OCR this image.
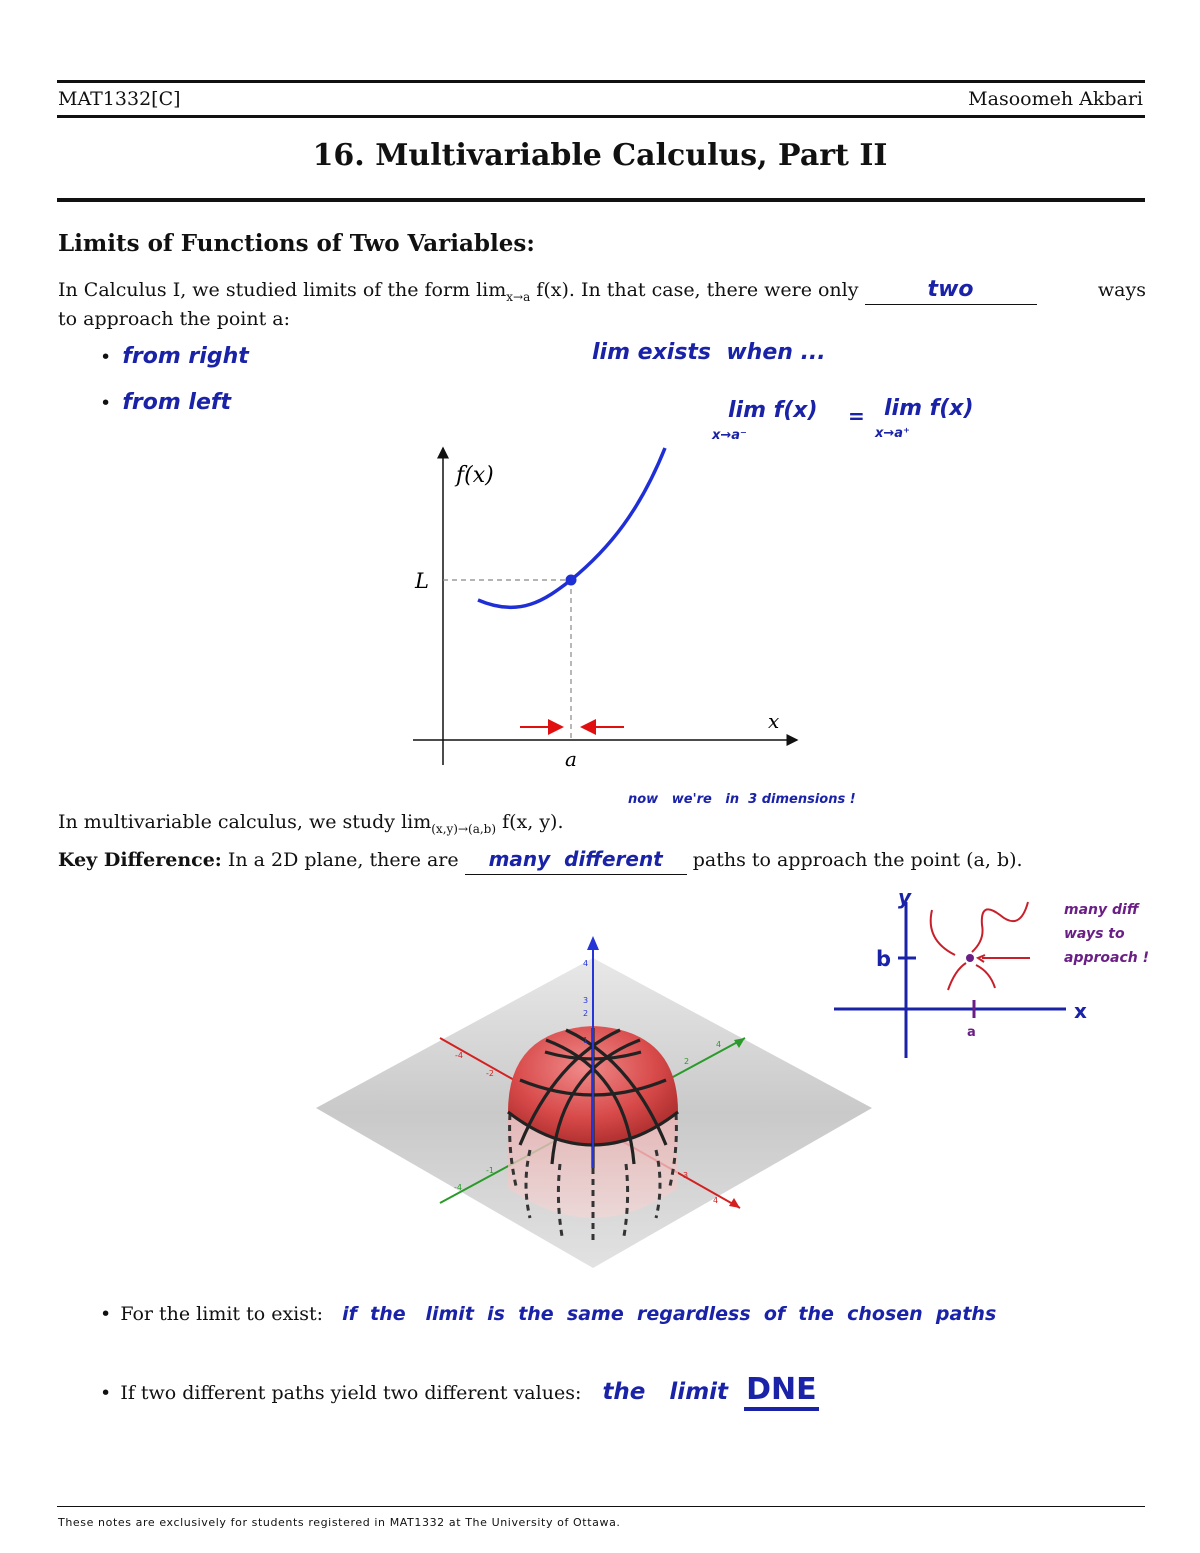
MAT1332[C]	Masoomeh Akbari
16. Multivariable Calculus, Part II
Limits of Functions of Two Variables:
In Calculus I, we studied limits of the form $\lim_{x\to a} f(x)$. In that case, there were only	two	ways
to approach the point a:
• from right
• from left
lim exists  when ...
lim f(x)
x→a⁻
= lim f(x)
x→a⁺
f(x)
x
L
a
In multivariable calculus, we study $\lim_{(x,y)\to(a,b)} f(x$, y).
now   we're   in  3 dimensions !
Key Difference: In a 2D plane, there are many  different paths to approach the point (a, b).
1
2
3
4
2
4
-1
-4
-4
-2
3
4
y
x
b
a
many diff
ways to
approach !
• For the limit to exist: if  the   limit  is  the  same  regardless  of  the  chosen  paths
• If two different paths yield two different values: the   limit  DNE
These notes are exclusively for students registered in MAT1332 at The University of Ottawa.
